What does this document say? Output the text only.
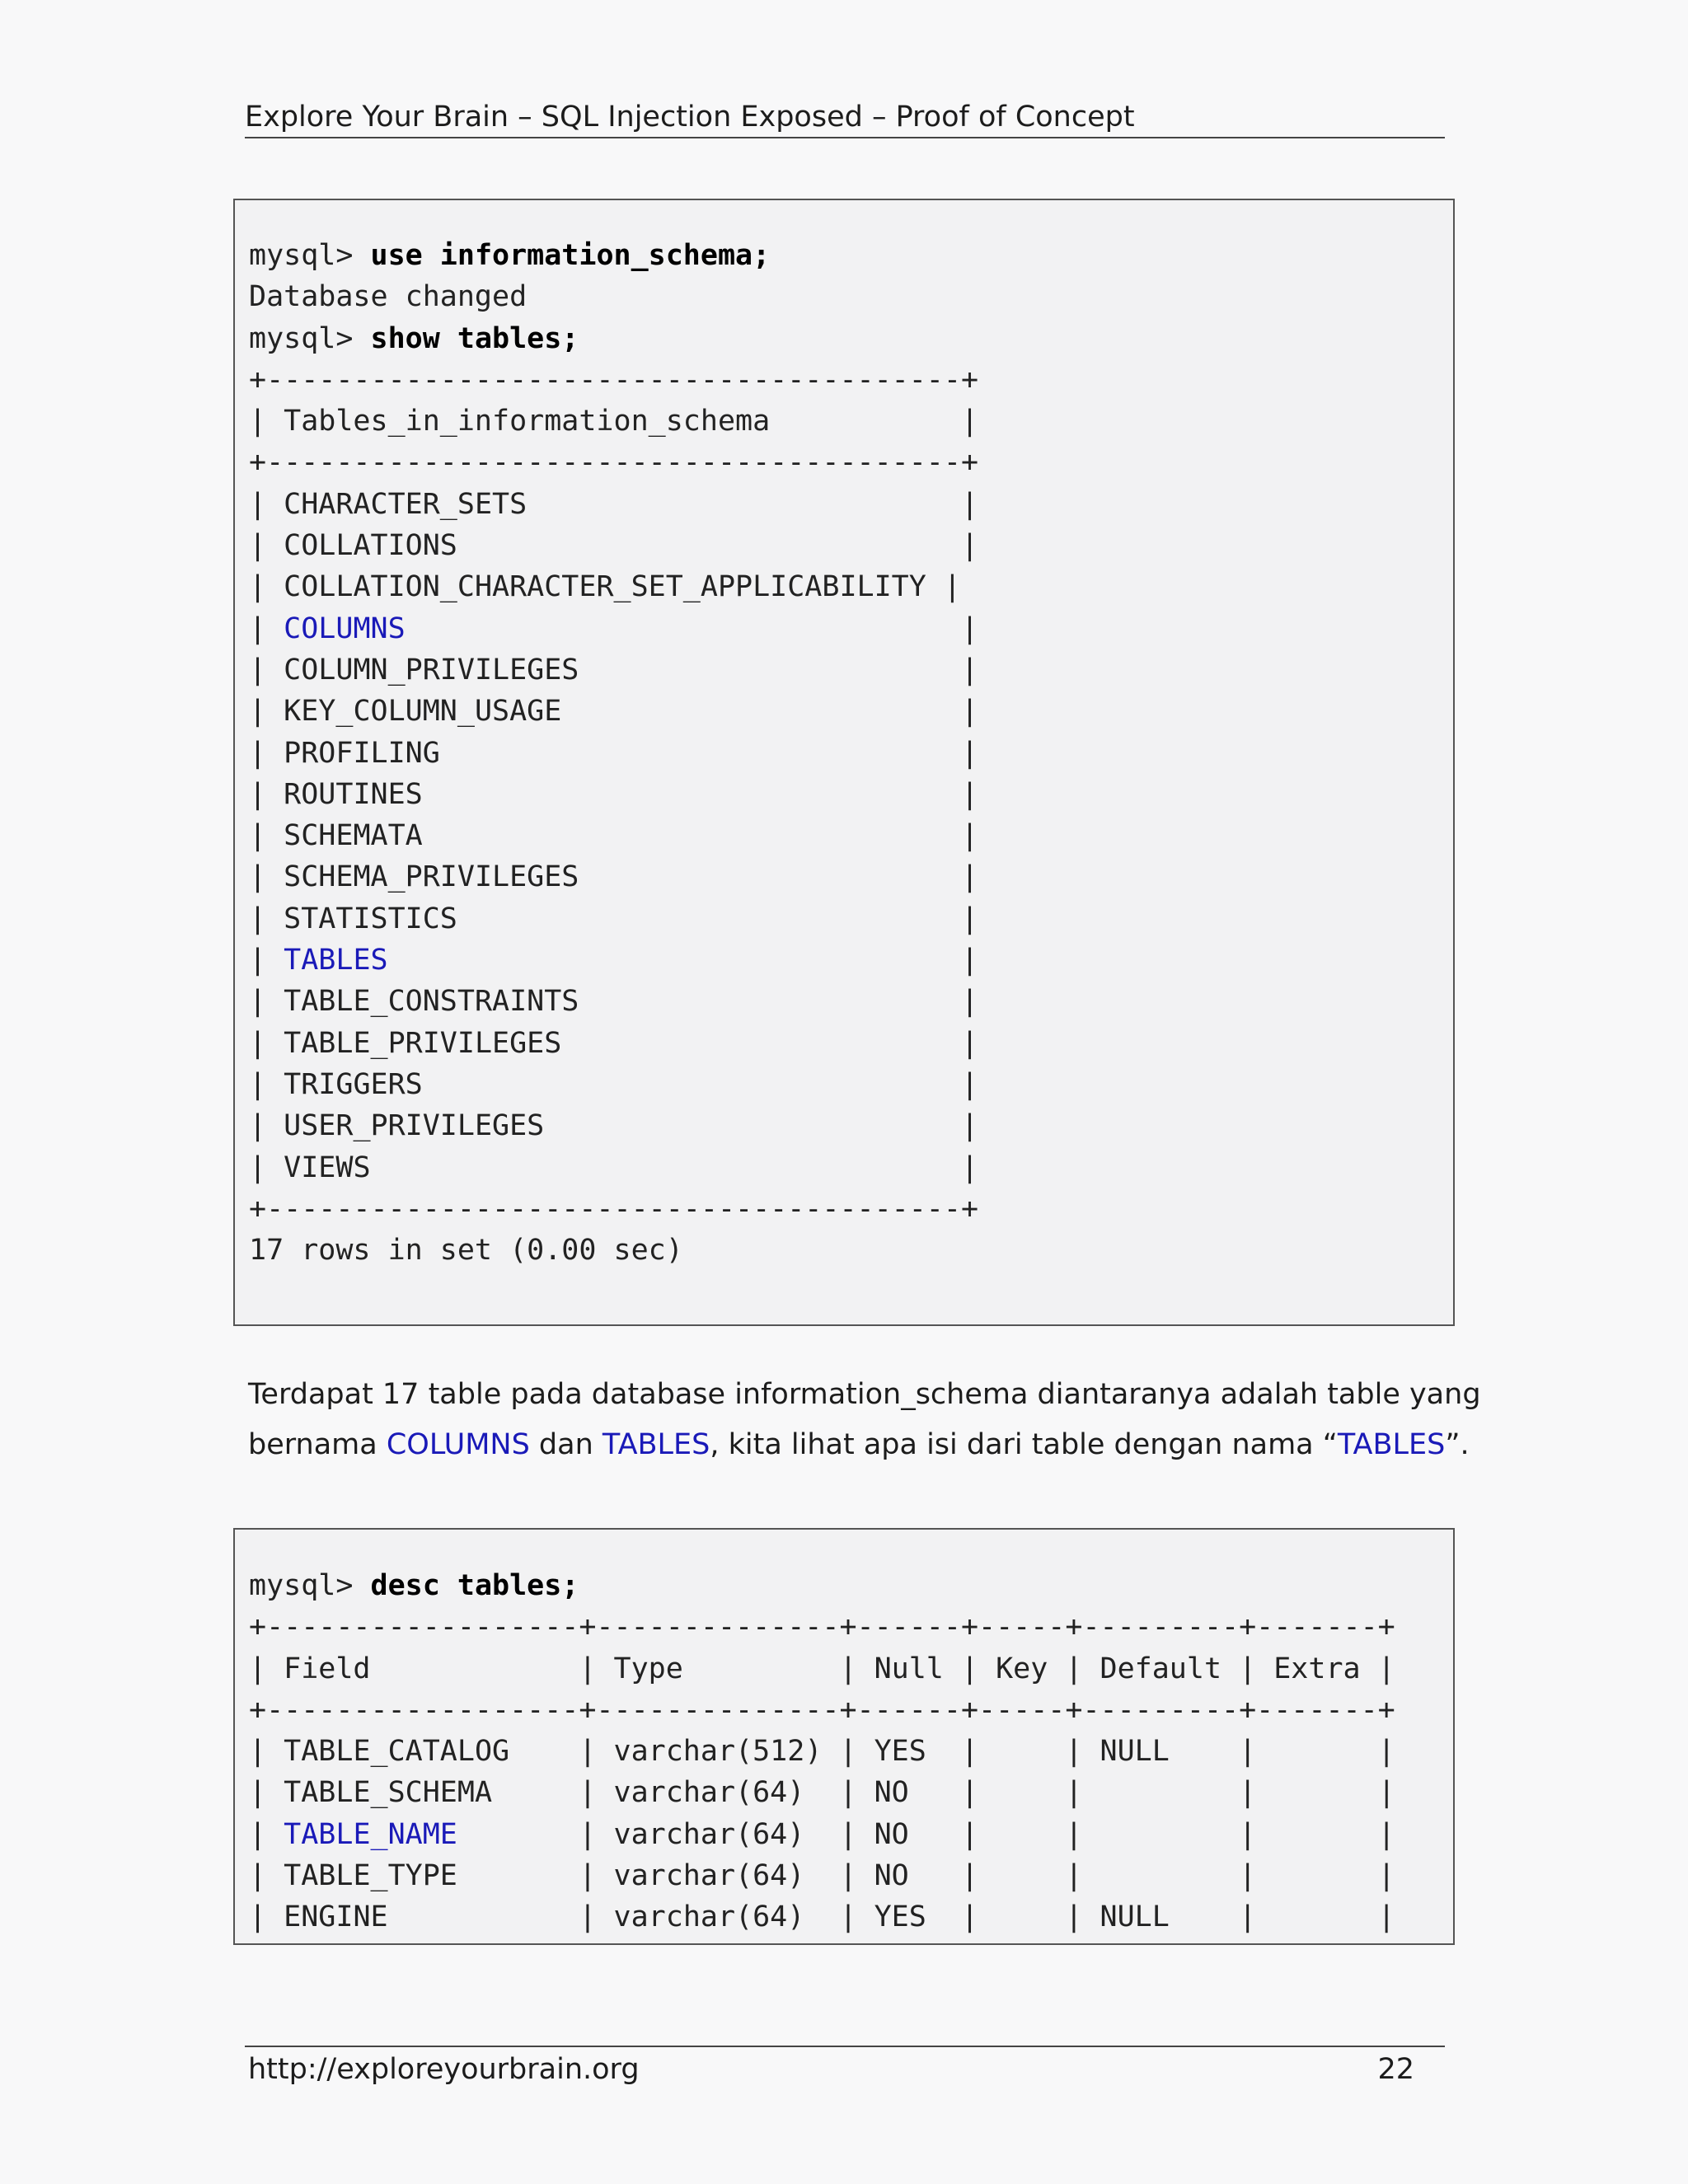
Explore Your Brain – SQL Injection Exposed – Proof of Concept
mysql> use information_schema;
Database changed
mysql> show tables;
+----------------------------------------+
| Tables_in_information_schema           |
+----------------------------------------+
| CHARACTER_SETS                         |
| COLLATIONS                             |
| COLLATION_CHARACTER_SET_APPLICABILITY |
| COLUMNS                                |
| COLUMN_PRIVILEGES                      |
| KEY_COLUMN_USAGE                       |
| PROFILING                              |
| ROUTINES                               |
| SCHEMATA                               |
| SCHEMA_PRIVILEGES                      |
| STATISTICS                             |
| TABLES                                 |
| TABLE_CONSTRAINTS                      |
| TABLE_PRIVILEGES                       |
| TRIGGERS                               |
| USER_PRIVILEGES                        |
| VIEWS                                  |
+----------------------------------------+
17 rows in set (0.00 sec)

Terdapat 17 table pada database information_schema diantaranya adalah table yang

bernama COLUMNS dan TABLES, kita lihat apa isi dari table dengan nama “TABLES”.

mysql> desc tables;
+------------------+--------------+------+-----+---------+-------+
| Field            | Type         | Null | Key | Default | Extra |
+------------------+--------------+------+-----+---------+-------+
| TABLE_CATALOG    | varchar(512) | YES  |     | NULL    |       |
| TABLE_SCHEMA     | varchar(64)  | NO   |     |         |       |
| TABLE_NAME       | varchar(64)  | NO   |     |         |       |
| TABLE_TYPE       | varchar(64)  | NO   |     |         |       |
| ENGINE           | varchar(64)  | YES  |     | NULL    |       |
http://exploreyourbrain.org	22
